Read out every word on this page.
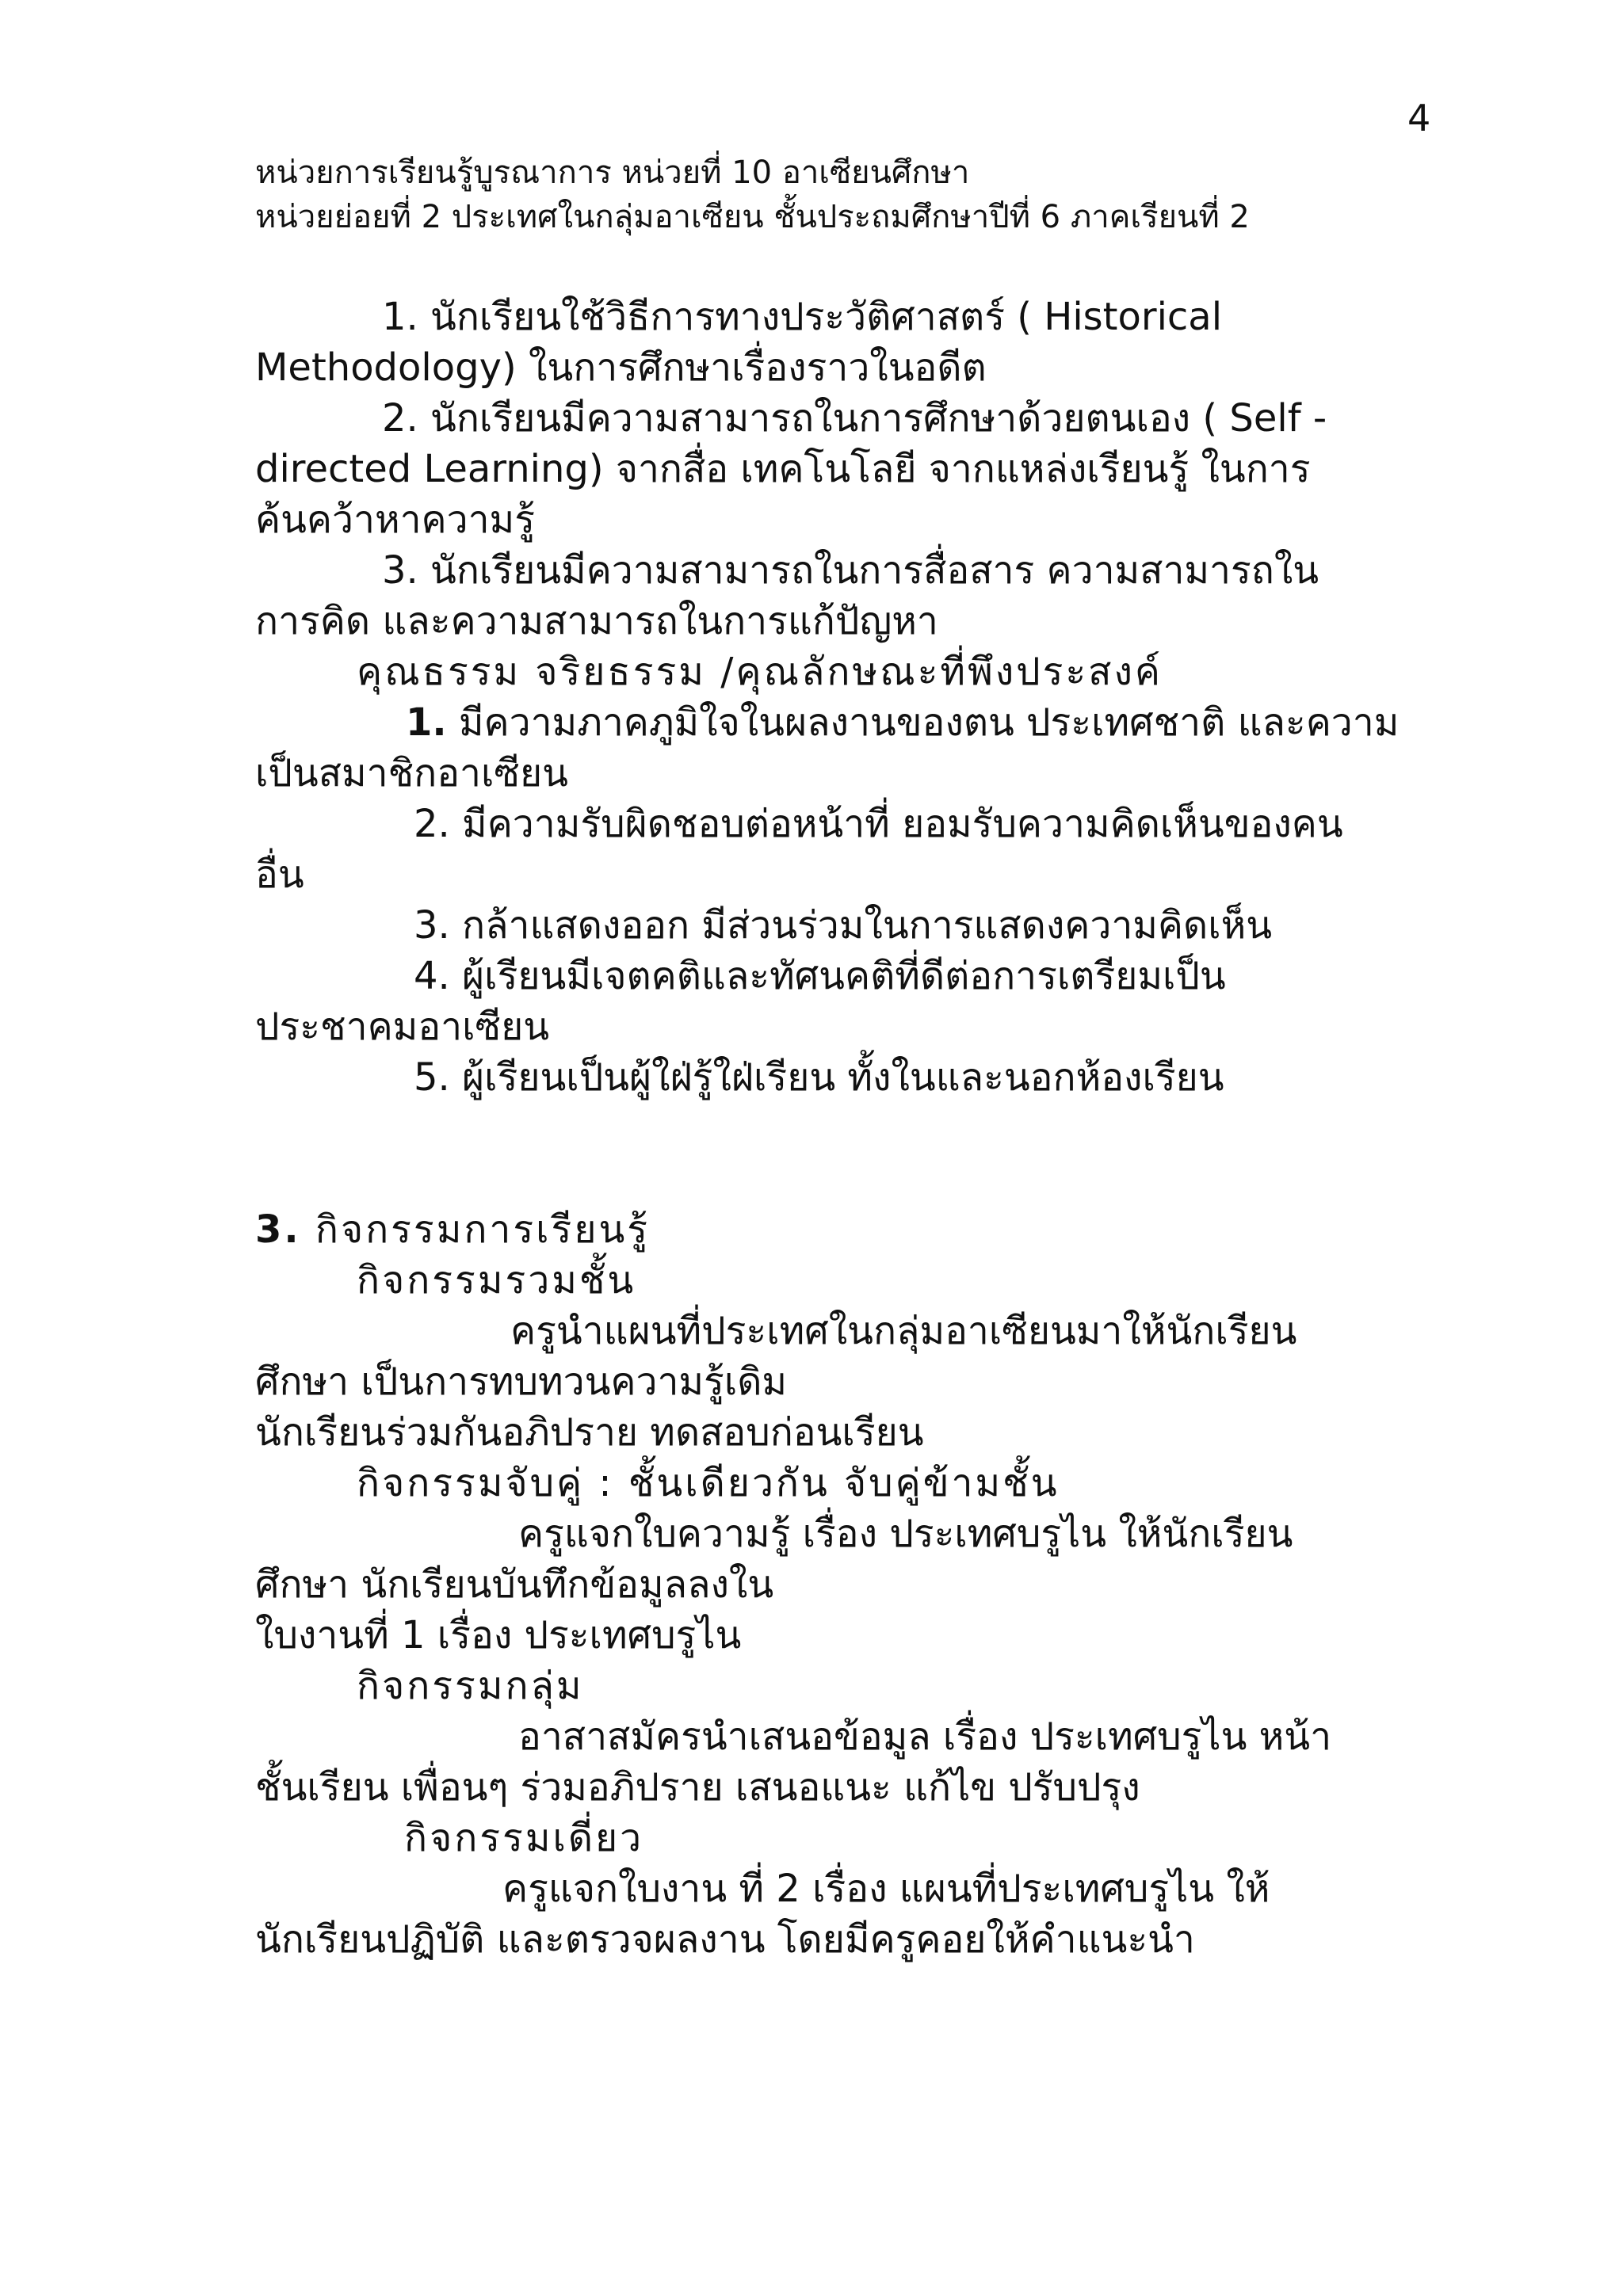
4
หน่วยการเรียนรู้บูรณาการ หน่วยที่ 10 อาเซียนศึกษา
หน่วยย่อยที่ 2 ประเทศในกลุ่มอาเซียน ชั้นประถมศึกษาปีที่ 6 ภาคเรียนที่ 2

1. นักเรียนใช้วิธีการทางประวัติศาสตร์ ( Historical

Methodology) ในการศึกษาเรื่องราวในอดีต

2. นักเรียนมีความสามารถในการศึกษาด้วยตนเอง ( Self -

directed Learning) จากสื่อ เทคโนโลยี จากแหล่งเรียนรู้ ในการ

ค้นคว้าหาความรู้

3. นักเรียนมีความสามารถในการสื่อสาร ความสามารถใน

การคิด และความสามารถในการแก้ปัญหา

คุณธรรม จริยธรรม /คุณลักษณะที่พึงประสงค์

1. มีความภาคภูมิใจในผลงานของตน ประเทศชาติ และความ

เป็นสมาชิกอาเซียน

2. มีความรับผิดชอบต่อหน้าที่ ยอมรับความคิดเห็นของคน

อื่น

3. กล้าแสดงออก มีส่วนร่วมในการแสดงความคิดเห็น

4. ผู้เรียนมีเจตคติและทัศนคติที่ดีต่อการเตรียมเป็น

ประชาคมอาเซียน

5. ผู้เรียนเป็นผู้ใฝ่รู้ใฝ่เรียน ทั้งในและนอกห้องเรียน

3. กิจกรรมการเรียนรู้

กิจกรรมรวมชั้น

ครูนำแผนที่ประเทศในกลุ่มอาเซียนมาให้นักเรียน

ศึกษา เป็นการทบทวนความรู้เดิม

นักเรียนร่วมกันอภิปราย ทดสอบก่อนเรียน

กิจกรรมจับคู่ : ชั้นเดียวกัน จับคู่ข้ามชั้น

ครูแจกใบความรู้ เรื่อง ประเทศบรูไน ให้นักเรียน

ศึกษา นักเรียนบันทึกข้อมูลลงใน

ใบงานที่ 1 เรื่อง ประเทศบรูไน

กิจกรรมกลุ่ม

อาสาสมัครนำเสนอข้อมูล เรื่อง ประเทศบรูไน หน้า

ชั้นเรียน เพื่อนๆ ร่วมอภิปราย เสนอแนะ แก้ไข ปรับปรุง

กิจกรรมเดี่ยว

ครูแจกใบงาน ที่ 2 เรื่อง แผนที่ประเทศบรูไน ให้

นักเรียนปฏิบัติ และตรวจผลงาน โดยมีครูคอยให้คำแนะนำ
